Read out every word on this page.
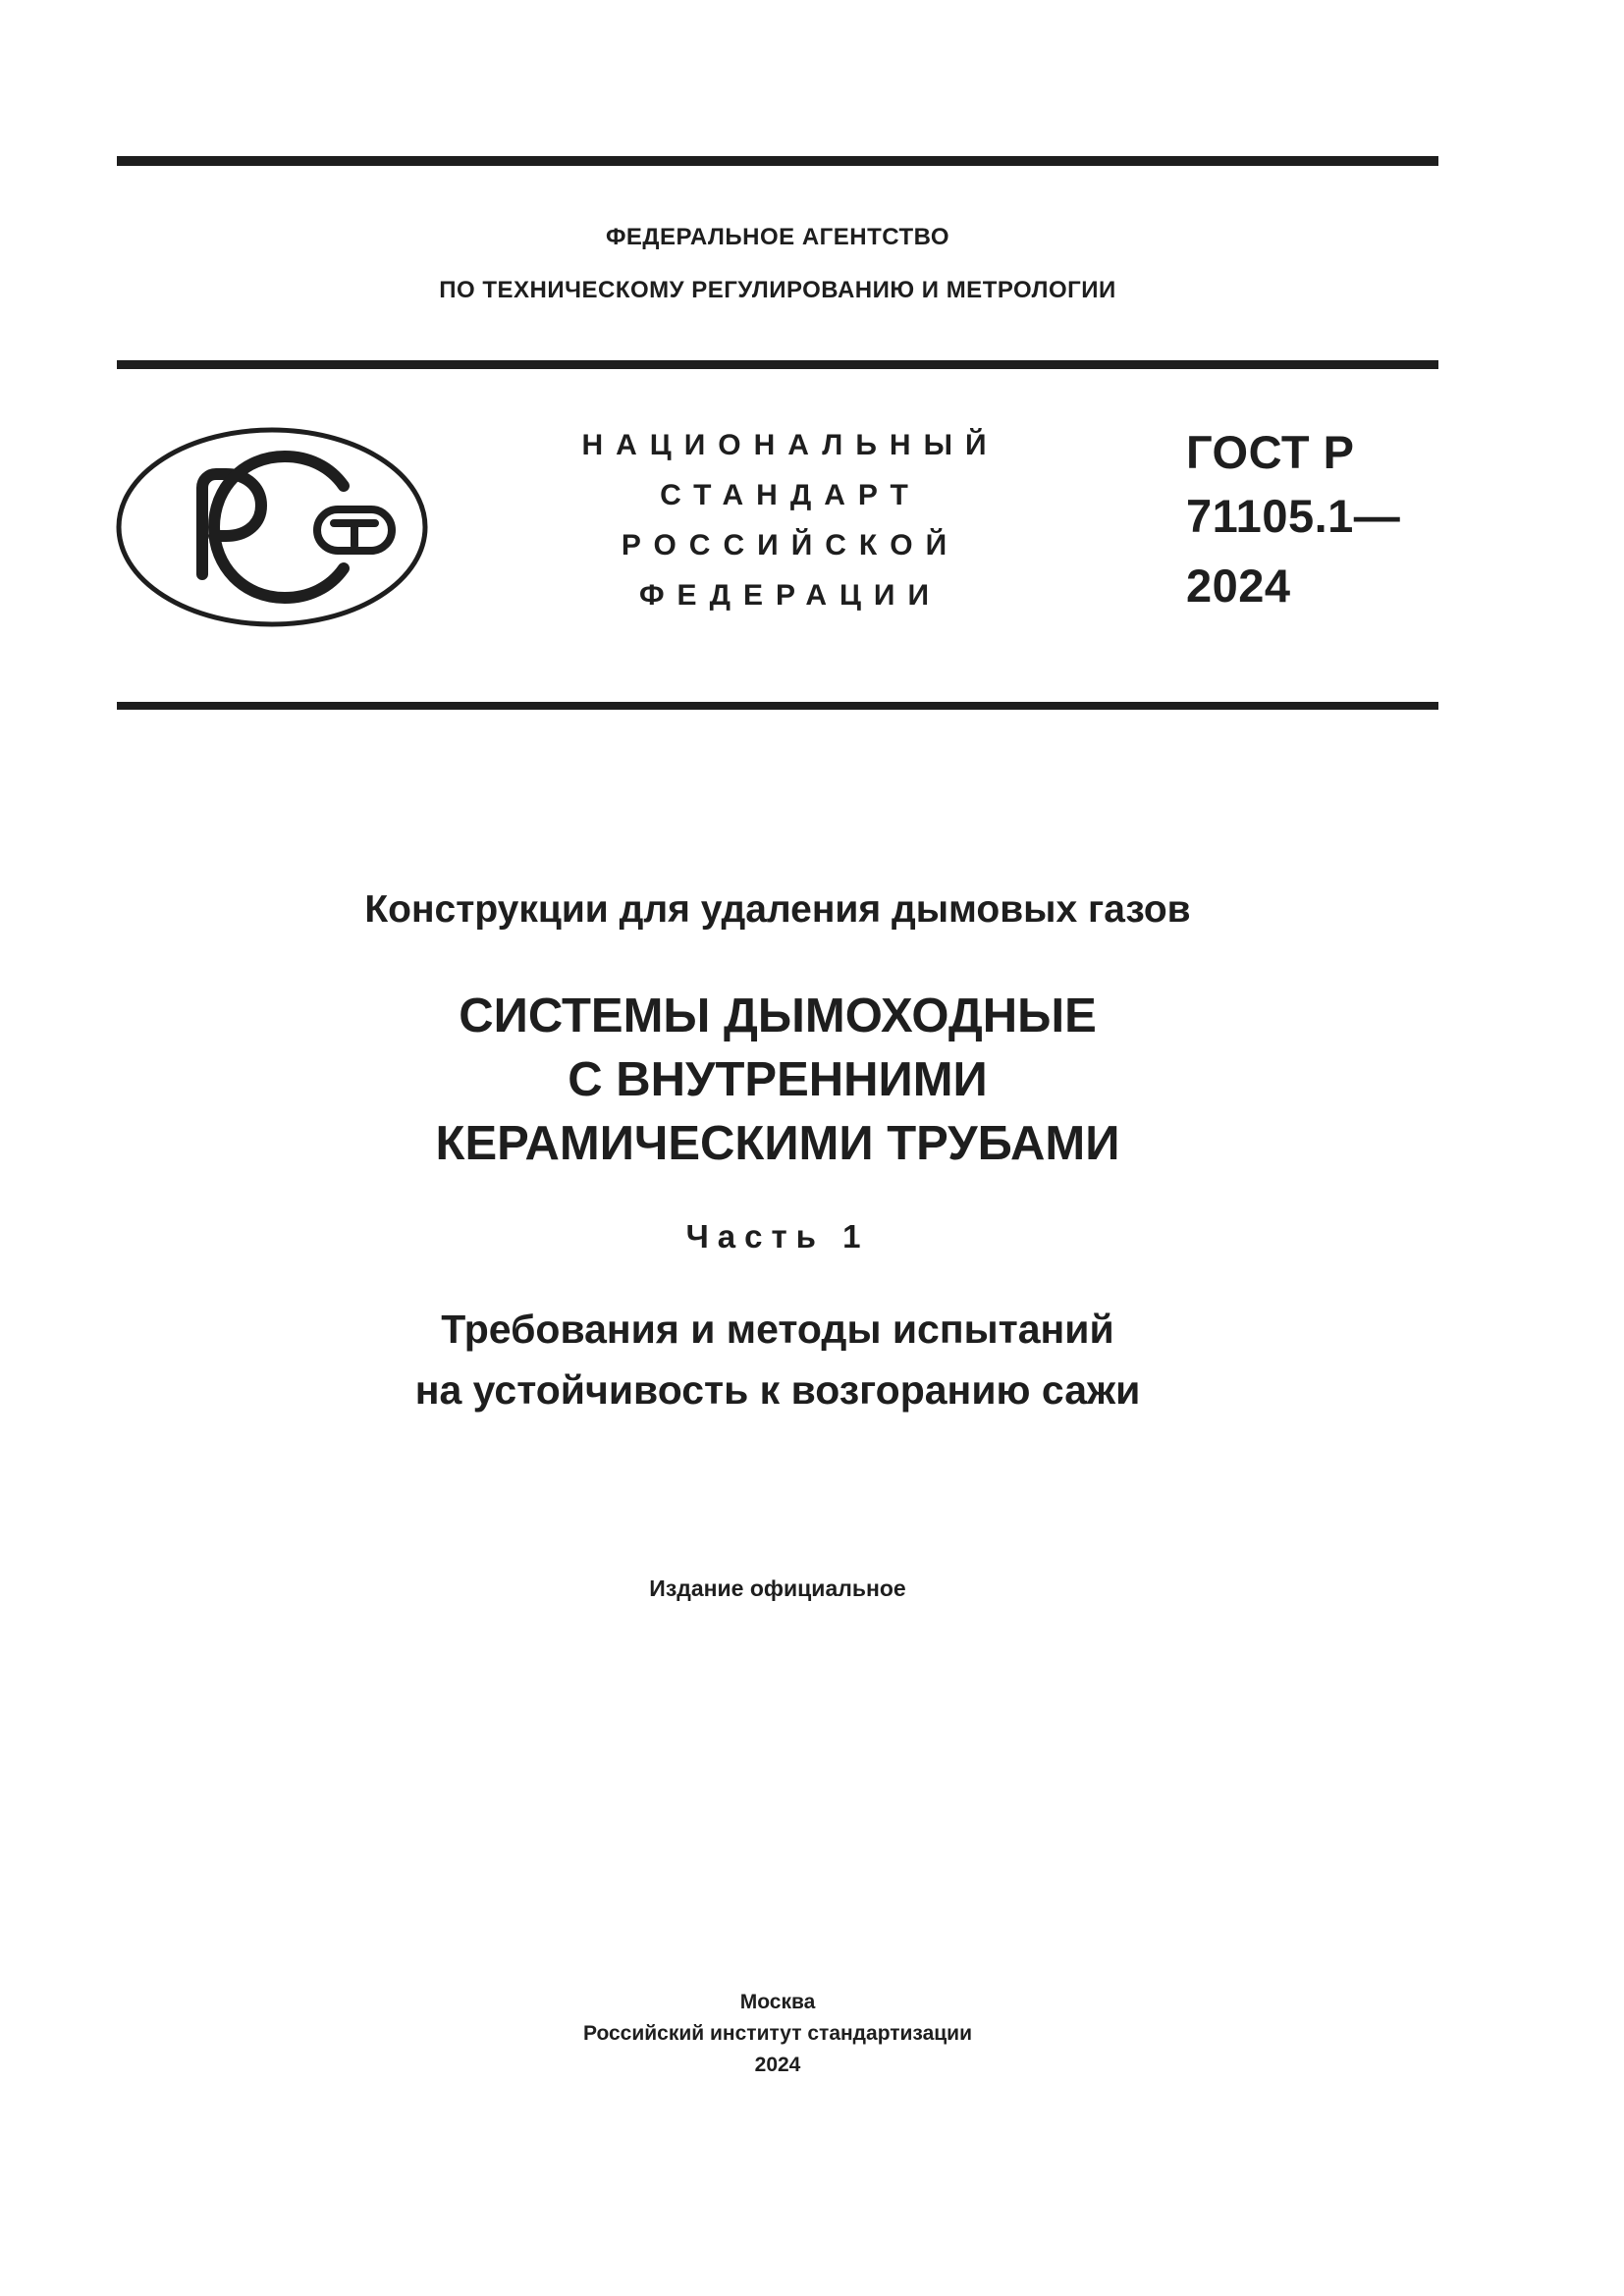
ФЕДЕРАЛЬНОЕ АГЕНТСТВО
ПО ТЕХНИЧЕСКОМУ РЕГУЛИРОВАНИЮ И МЕТРОЛОГИИ
НАЦИОНАЛЬНЫЙ
СТАНДАРТ
РОССИЙСКОЙ
ФЕДЕРАЦИИ
ГОСТ Р
71105.1—
2024
Конструкции для удаления дымовых газов
СИСТЕМЫ ДЫМОХОДНЫЕ
С ВНУТРЕННИМИ
КЕРАМИЧЕСКИМИ ТРУБАМИ
Часть 1
Требования и методы испытаний
на устойчивость к возгоранию сажи
Издание официальное
Москва
Российский институт стандартизации
2024
